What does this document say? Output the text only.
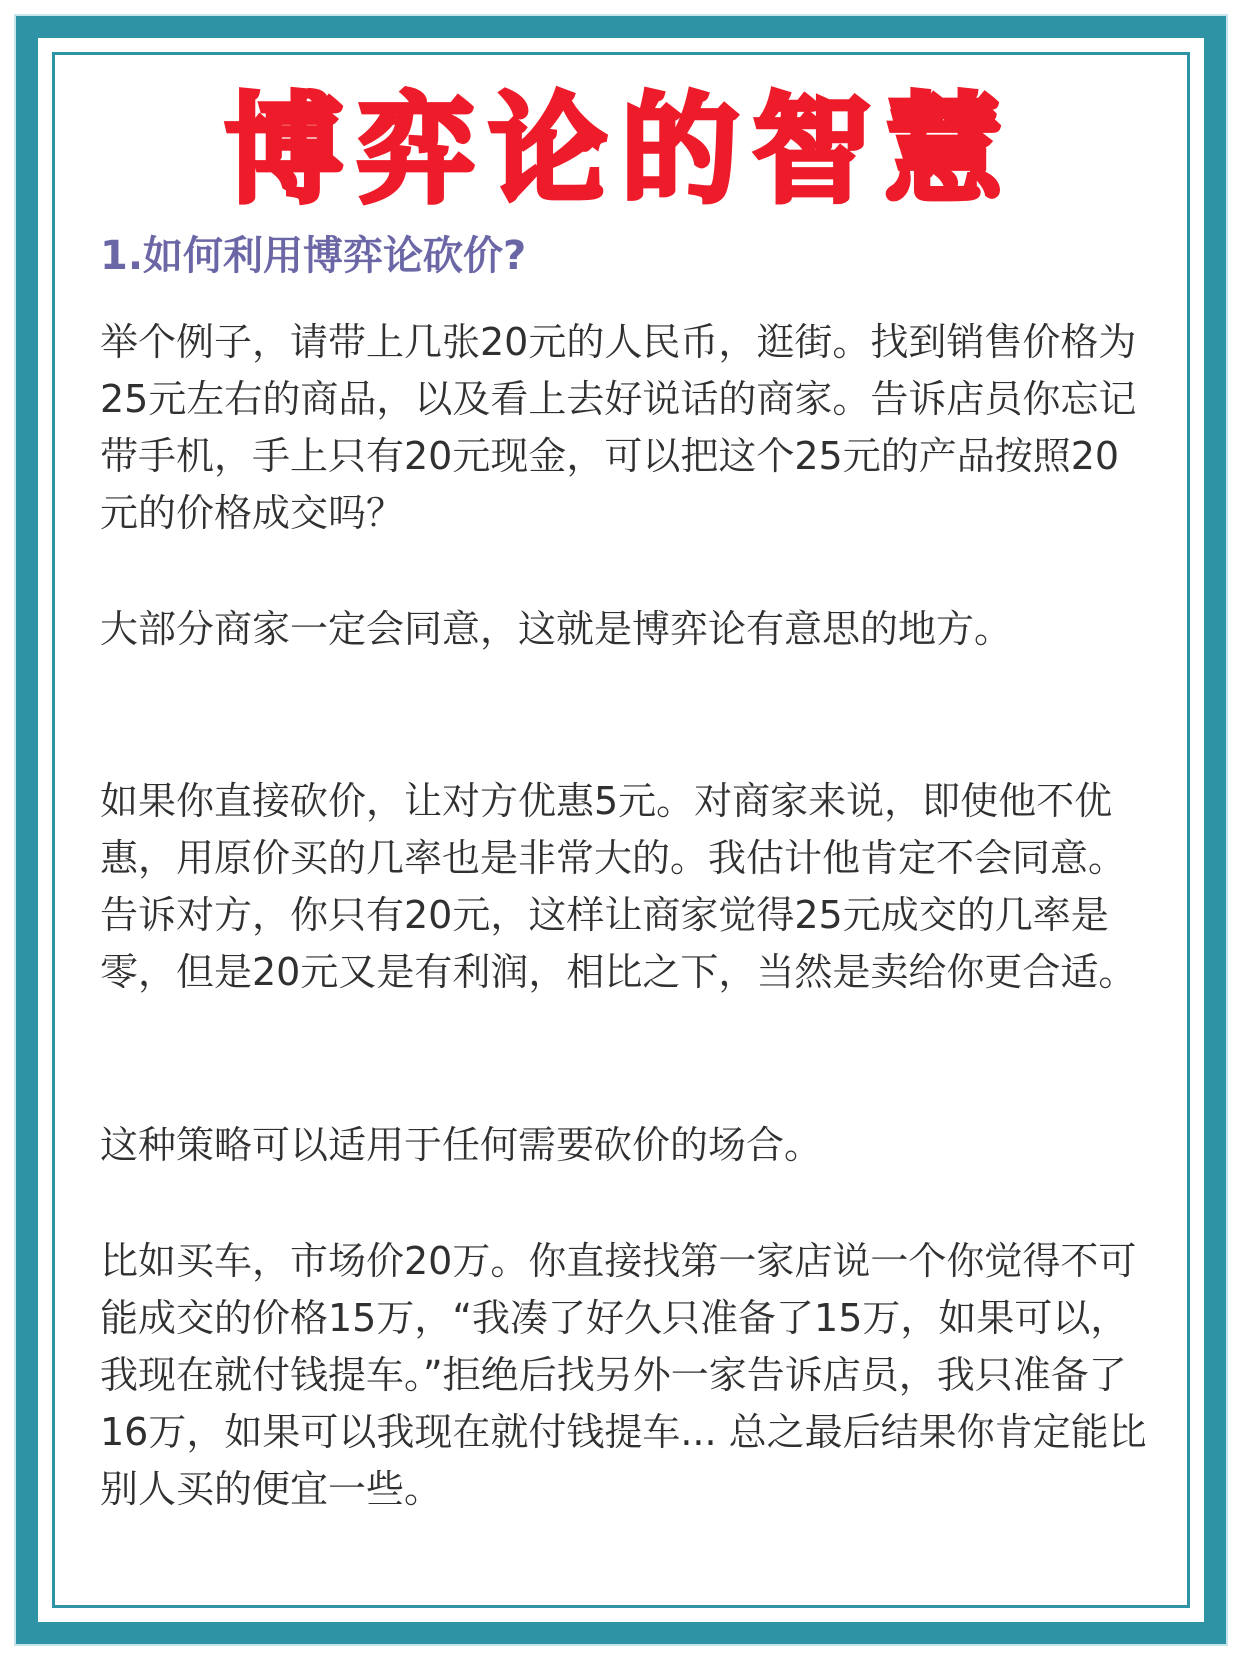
博弈论的智慧
1.如何利用博弈论砍价?

举个例子，请带上几张20元的人民币，逛街。找到销售价格为25元左右的商品，以及看上去好说话的商家。告诉店员你忘记带手机，手上只有20元现金，可以把这个25元的产品按照20元的价格成交吗？

大部分商家一定会同意，这就是博弈论有意思的地方。

如果你直接砍价，让对方优惠5元。对商家来说，即使他不优惠，用原价买的几率也是非常大的。我估计他肯定不会同意。告诉对方，你只有20元，这样让商家觉得25元成交的几率是零，但是20元又是有利润，相比之下，当然是卖给你更合适。

这种策略可以适用于任何需要砍价的场合。

比如买车，市场价20万。你直接找第一家店说一个你觉得不可能成交的价格15万，“我凑了好久只准备了15万，如果可以，我现在就付钱提车。”拒绝后找另外一家告诉店员，我只准备了16万，如果可以我现在就付钱提车... 总之最后结果你肯定能比别人买的便宜一些。
